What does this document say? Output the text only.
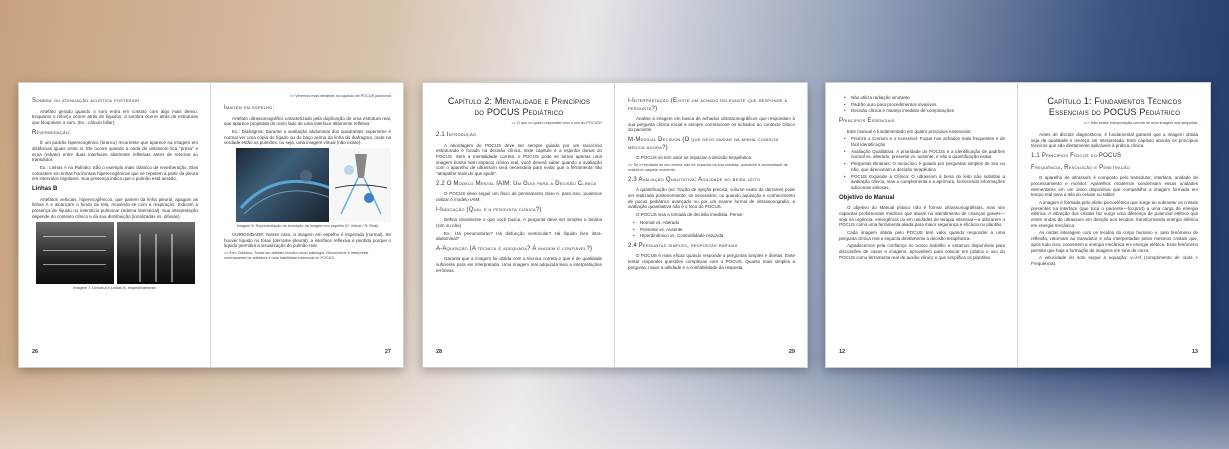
Sombra ou atenuação acústica posterior
Artefato gerado quando o som entra em contato com algo mais denso. Enquanto o reforço ocorre atrás de líquidos, a sombra ocorre atrás de estruturas que bloqueiam o som. (Ex.: cálculo biliar).
Reverberação:
É um padrão hiperecogênico (branco) recorrente que aparece na imagem em distâncias iguais entre si. Ele ocorre quando a onda de ultrassom fica "presa" e ecoa (rebate) entre duas interfaces altamente refletivas antes de retornar ao transdutor.
Ex.: Linhas A no Pulmão: São o exemplo mais clássico de reverberação. Elas consistem em linhas horizontais hiperecogênicas que se repetem a partir da pleura em intervalos regulares. Sua presença indica que o pulmão está aerado.
Linhas B
Artefatos verticais, hiperecogênicos, que partem da linha pleural, apagam as linhas A e alcançam o fundo da tela, movendo-se com a respiração. Indicam a presença de líquido no interstício pulmonar (edema intersticial). Sua interpretação depende do contexto clínico e da sua distribuição (localizadas vs. difusas).
Imagem 7: Linhas A e Linhas B, respectivamente.
26
>> Veremos mais detalhes no capítulo de POCUS pulmonar
Imagem em espelho:
Artefato ultrassonográfico caracterizado pela duplicação de uma estrutura real, que aparece projetada do outro lado de uma interface altamente refletiva.
Ex.: Diafragma: Durante a avaliação abdominal dos quadrantes superiores é normal ver uma cópia do fígado ou do baço acima da linha do diafragma, onde na verdade estão os pulmões, ou seja, uma imagem virtual (não existe).
Imagem 8: Representação da formação da imagem em espelho (9: Virtual / R: Real)
CURIOSIDADE: Nesse caso, a imagem em espelho é esperada (normal). Se houver líquido no tórax (derrame pleural), a interface reflexiva é perdida porque o líquido permitirá a visualização do pulmão real.
>> Erro Clássico: Tratar um artefato técnico como patologia. Reconhecer e interpretar corretamente os artefatos é uma habilidade essencial no POCUS.
27
Capítulo 2: Mentalidade e Princípios do POCUS Pediátrico
>> O que eu quero responder com o uso do POCUS?
2.1 Introdução
A abordagem do POCUS deve ser sempre guiada por um raciocínio estruturado e focado na decisão clínica. Este capítulo é a espinha dorsal do POCUS. Sem a mentalidade correta, o POCUS pode se tornar apenas uma imagem bonita sem impacto clínico real, você deverá saber quando a avaliação com o aparelho de ultrassom será necessária para evitar que a ferramenta não "atrapalhe mais do que ajude".
2.2 O Modelo Mental IAIM: Um Guia para a Decisão Clínica
O POCUS deve seguir um fluxo de pensamento claro e, para isso, podemos utilizar o modelo IAIM:
I-Indicação (Qual é a pergunta clínica?)
Defina claramente o que você busca. A pergunta deve ser simples e binária (sim ou não).
Ex.: Há pneumotórax? Há disfunção ventricular? Há líquido livre intra-abdominal?
A-Aquisição (A técnica é adequada? A imagem é confiável?)
Garanta que a imagem foi obtida com a técnica correta e que é de qualidade suficiente para ser interpretada. Uma imagem mal adquirida leva a interpretações errôneas.
28
I-Interpretação (Existe um achado relevante que responde à pergunta?)
Analise a imagem em busca de achados ultrassonográficos que respondam à sua pergunta clínica inicial e sempre correlacione os achados ao contexto clínico do paciente.
M-Medical Decision (O que devo mudar na minha conduta médica agora?)
O POCUS só tem valor se impactar a decisão terapêutica.
>> Se o resultado do seu exame não for impactar na sua conduta, questione a necessidade de realizá-lo naquele momento.
2.3 Avaliação Qualitativa: Agilidade no beira leito
A quantificação (ex: fração de ejeção precisa, volume exato de derrame) pode ser realizada posteriormente, se necessário, ou quando aquisição e conhecimento de pocus pediátrico avançado ou por um exame formal de ultrassonografia, a avaliação quantitativa não é o foco do POCUS.
O POCUS visa a tomada de decisão imediata. Pense:
• Normal vs. Alterado
• Presente vs. Ausente
• Hiperdinâmico vs. Contratilidade reduzida
2.4 Perguntas simples, respostas rápidas
O POCUS é mais eficaz quando responde a perguntas simples e diretas. Evite tentar responder questões complexas com o POCUS. Quanto mais simples a pergunta, maior a utilidade e a confiabilidade da resposta.
29
• Não utiliza radiação ionizante
• Padrão ouro para procedimentos invasivos
• Decisão clínica e manejo imediato de complicações
Princípios Essenciais
Este manual é fundamentado em quatro princípios essenciais:
• Priorize o Comum e o Acessível: Foque nos achados mais frequentes e de fácil identificação
• Avaliação Qualitativa: A prioridade do POCUS é a identificação de padrões normal vs. alterado, presente vs. ausente, e não a quantificação exata
• Perguntas Binárias: O raciocínio é guiado por perguntas simples de sim ou não, que direcionam a decisão terapêutica
• POCUS Expande a Clínica: O ultrassom à beira do leito não substitui a avaliação clínica, mas a complementa e a aprimora, fornecendo informações adicionais valiosas.
Objetivo do Manual
O objetivo do Manual prático não é formar ultrassonografistas, mas sim capacitar profissionais médicos que atuam no atendimento de crianças graves—seja na urgência, emergência ou em unidades de terapia intensiva—a utilizarem o POCUS como uma ferramenta aliada para maior segurança e eficácia no plantão.
Cada imagem obtida pelo POCUS tem valor quando responder a uma pergunta clínica real e impacta diretamente a decisão terapêutica.
Agradecemos pela confiança no nosso trabalho e estamos disponíveis para discussões de casos e imagens, aproveitem para colocar em prática o uso do POCUS como ferramenta real de auxílio clínico e que simplifica os plantões.
12
Capítulo 1: Fundamentos Técnicos Essenciais do POCUS Pediátrico
>>> Não existe interpretação correta de uma imagem mal adquirida.
Antes de discutir diagnósticos, é fundamental garantir que a imagem obtida seja de qualidade e mereça ser interpretada. Este capítulo aborda os princípios técnicos que são diretamente aplicáveis à prática clínica.
1.1 Princípios Físicos do POCUS
Frequência, Resolução e Penetração
O aparelho de ultrassom é composto pelo transdutor, interface, unidade de processamento e monitor. Aparelhos modernos condensam essas unidades elementares em um único dispositivo que compartilha a imagem formada em tempo real para a tela do celular ou tablet.
A imagem é formada pelo efeito piezoelétrico que surge ao submeter os cristais presentes na interface (que toca o paciente—fccqrrrrt) a uma carga de energia elétrica. A vibração dos cristais faz surgir uma diferença de potencial elétrico que emite ondas de ultrassom em direção aos tecidos, transformando energia elétrica em energia mecânica.
As ondas interagem com os tecidos do corpo humano e, pelo fenômeno de reflexão, retornam ao transdutor e são interpretadas pelos mesmos cristais que, após tudo isso, convertem a energia mecânica em energia elétrica. Esse fenômeno permite que haja a formação de imagens em tons de cinza.
A velocidade do som segue a equação: v=λ×f (comprimento de onda × Frequência).
13
